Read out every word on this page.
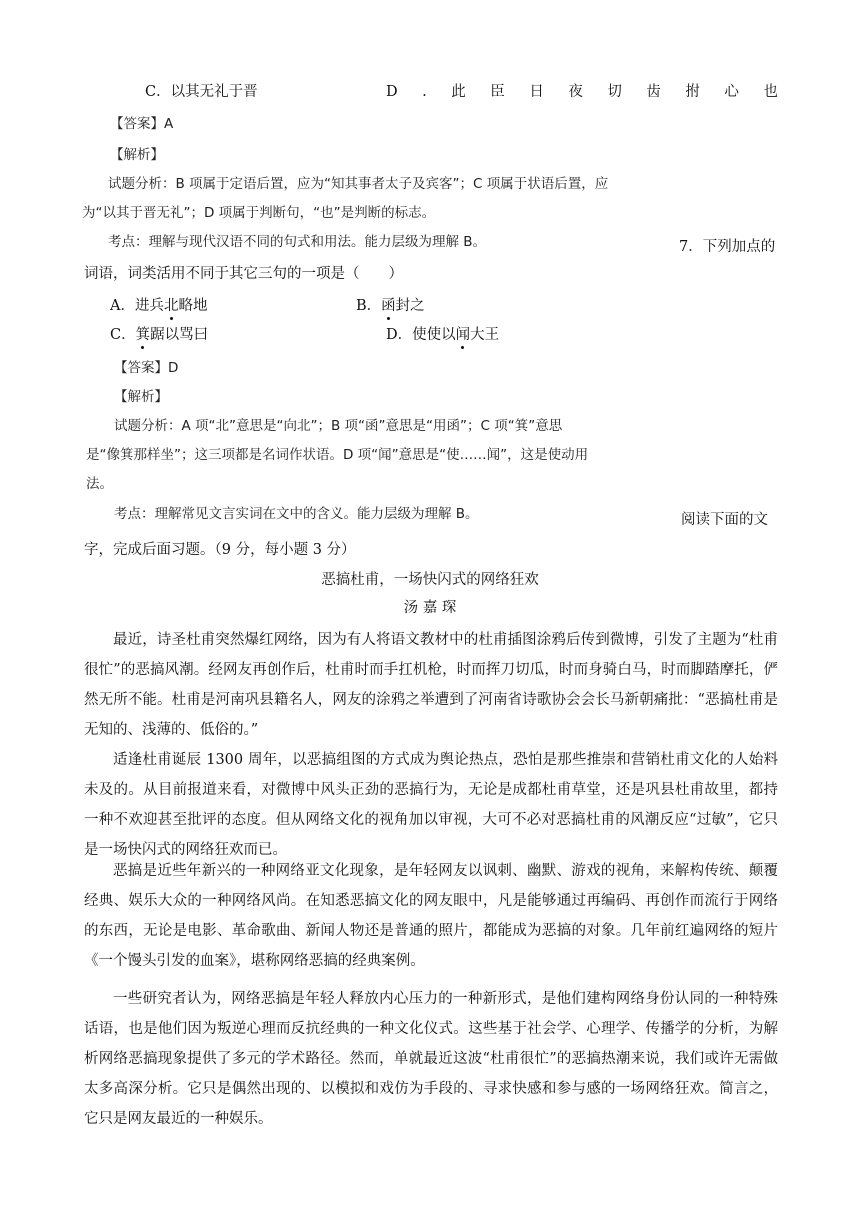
C．以其无礼于晋	D . 此 臣 日 夜 切 齿 拊 心 也
【答案】A
【解析】
试题分析：B 项属于定语后置，应为“知其事者太子及宾客”；C 项属于状语后置，应
为“以其于晋无礼”；D 项属于判断句，“也”是判断的标志。
考点：理解与现代汉语不同的句式和用法。能力层级为理解 B。	7．下列加点的
词语，词类活用不同于其它三句的一项是（　　）
A．进兵北略地	B．函封之
C．箕踞以骂曰	D．使使以闻大王
【答案】D
【解析】
试题分析：A 项“北”意思是“向北”；B 项“函”意思是“用函”；C 项“箕”意思
是“像箕那样坐”；这三项都是名词作状语。D 项“闻”意思是“使……闻”，这是使动用
法。
考点：理解常见文言实词在文中的含义。能力层级为理解 B。	阅读下面的文
字，完成后面习题。（9 分，每小题 3 分）
恶搞杜甫，一场快闪式的网络狂欢
汤 嘉 琛
最近，诗圣杜甫突然爆红网络，因为有人将语文教材中的杜甫插图涂鸦后传到微博，引发了主题为“杜甫很忙”的恶搞风潮。经网友再创作后，杜甫时而手扛机枪，时而挥刀切瓜，时而身骑白马，时而脚踏摩托，俨然无所不能。杜甫是河南巩县籍名人，网友的涂鸦之举遭到了河南省诗歌协会会长马新朝痛批：“恶搞杜甫是无知的、浅薄的、低俗的。”
适逢杜甫诞辰 1300 周年，以恶搞组图的方式成为舆论热点，恐怕是那些推崇和营销杜甫文化的人始料未及的。从目前报道来看，对微博中风头正劲的恶搞行为，无论是成都杜甫草堂，还是巩县杜甫故里，都持一种不欢迎甚至批评的态度。但从网络文化的视角加以审视，大可不必对恶搞杜甫的风潮反应“过敏”，它只是一场快闪式的网络狂欢而已。
恶搞是近些年新兴的一种网络亚文化现象，是年轻网友以讽刺、幽默、游戏的视角，来解构传统、颠覆经典、娱乐大众的一种网络风尚。在知悉恶搞文化的网友眼中，凡是能够通过再编码、再创作而流行于网络的东西，无论是电影、革命歌曲、新闻人物还是普通的照片，都能成为恶搞的对象。几年前红遍网络的短片《一个馒头引发的血案》，堪称网络恶搞的经典案例。
一些研究者认为，网络恶搞是年轻人释放内心压力的一种新形式，是他们建构网络身份认同的一种特殊话语，也是他们因为叛逆心理而反抗经典的一种文化仪式。这些基于社会学、心理学、传播学的分析，为解析网络恶搞现象提供了多元的学术路径。然而，单就最近这波“杜甫很忙”的恶搞热潮来说，我们或许无需做太多高深分析。它只是偶然出现的、以模拟和戏仿为手段的、寻求快感和参与感的一场网络狂欢。简言之，它只是网友最近的一种娱乐。
